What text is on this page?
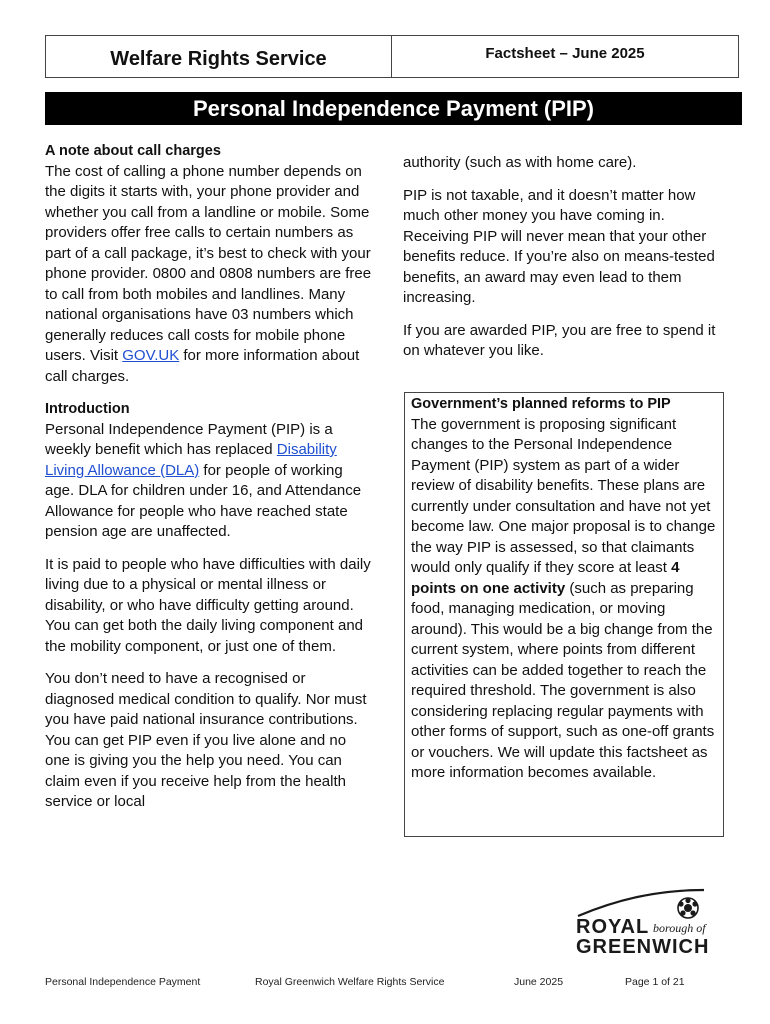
Welfare Rights Service	Factsheet – June 2025
Personal Independence Payment (PIP)
A note about call charges

The cost of calling a phone number depends on the digits it starts with, your phone provider and whether you call from a landline or mobile. Some providers offer free calls to certain numbers as part of a call package, it’s best to check with your phone provider. 0800 and 0808 numbers are free to call from both mobiles and landlines. Many national organisations have 03 numbers which generally reduces call costs for mobile phone users. Visit GOV.UK for more information about call charges.

Introduction

Personal Independence Payment (PIP) is a weekly benefit which has replaced Disability Living Allowance (DLA) for people of working age. DLA for children under 16, and Attendance Allowance for people who have reached state pension age are unaffected.

It is paid to people who have difficulties with daily living due to a physical or mental illness or disability, or who have difficulty getting around. You can get both the daily living component and the mobility component, or just one of them.

You don’t need to have a recognised or diagnosed medical condition to qualify. Nor must you have paid national insurance contributions. You can get PIP even if you live alone and no one is giving you the help you need. You can claim even if you receive help from the health service or local

authority (such as with home care).

PIP is not taxable, and it doesn’t matter how much other money you have coming in. Receiving PIP will never mean that your other benefits reduce. If you’re also on means-tested benefits, an award may even lead to them increasing.

If you are awarded PIP, you are free to spend it on whatever you like.

Government’s planned reforms to PIP
The government is proposing significant changes to the Personal Independence Payment (PIP) system as part of a wider review of disability benefits. These plans are currently under consultation and have not yet become law. One major proposal is to change the way PIP is assessed, so that claimants would only qualify if they score at least 4 points on one activity (such as preparing food, managing medication, or moving around). This would be a big change from the current system, where points from different activities can be added together to reach the required threshold. The government is also considering replacing regular payments with other forms of support, such as one-off grants or vouchers. We will update this factsheet as more information becomes available.
ROYAL borough of
GREENWICH
Personal Independence Payment	Royal Greenwich Welfare Rights Service	June 2025	Page 1 of 21
